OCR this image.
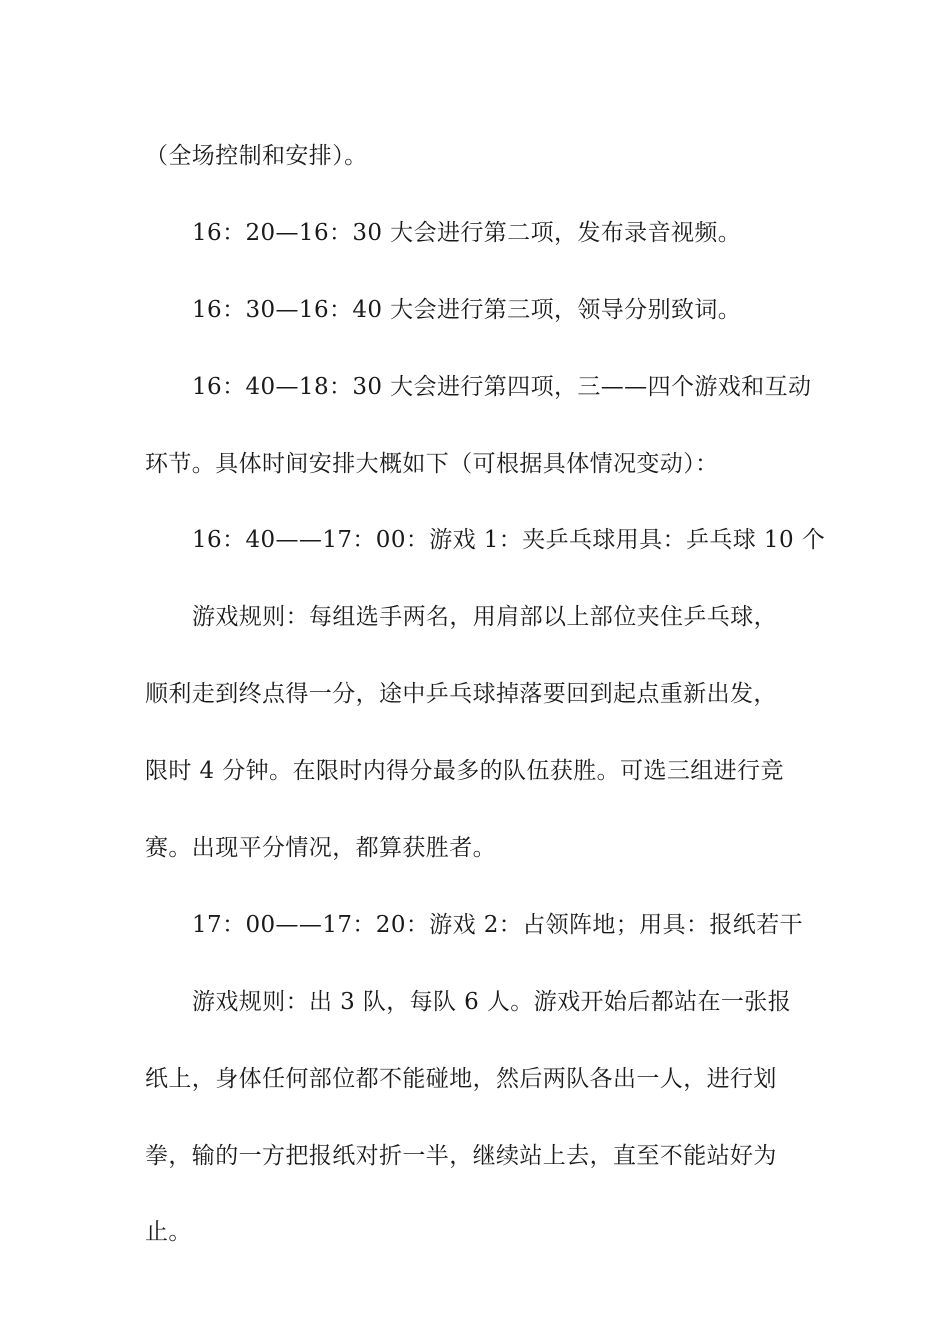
（全场控制和安排）。
16：20—16：30 大会进行第二项，发布录音视频。
16：30—16：40 大会进行第三项，领导分别致词。
16：40—18：30 大会进行第四项，三——四个游戏和互动
环节。具体时间安排大概如下（可根据具体情况变动）：
16：40——17：00：游戏 1：夹乒乓球用具：乒乓球 10 个
游戏规则：每组选手两名，用肩部以上部位夹住乒乓球，
顺利走到终点得一分，途中乒乓球掉落要回到起点重新出发，
限时 4 分钟。在限时内得分最多的队伍获胜。可选三组进行竞
赛。出现平分情况，都算获胜者。
17：00——17：20：游戏 2：占领阵地；用具：报纸若干
游戏规则：出 3 队，每队 6 人。游戏开始后都站在一张报
纸上，身体任何部位都不能碰地，然后两队各出一人，进行划
拳，输的一方把报纸对折一半，继续站上去，直至不能站好为
止。
